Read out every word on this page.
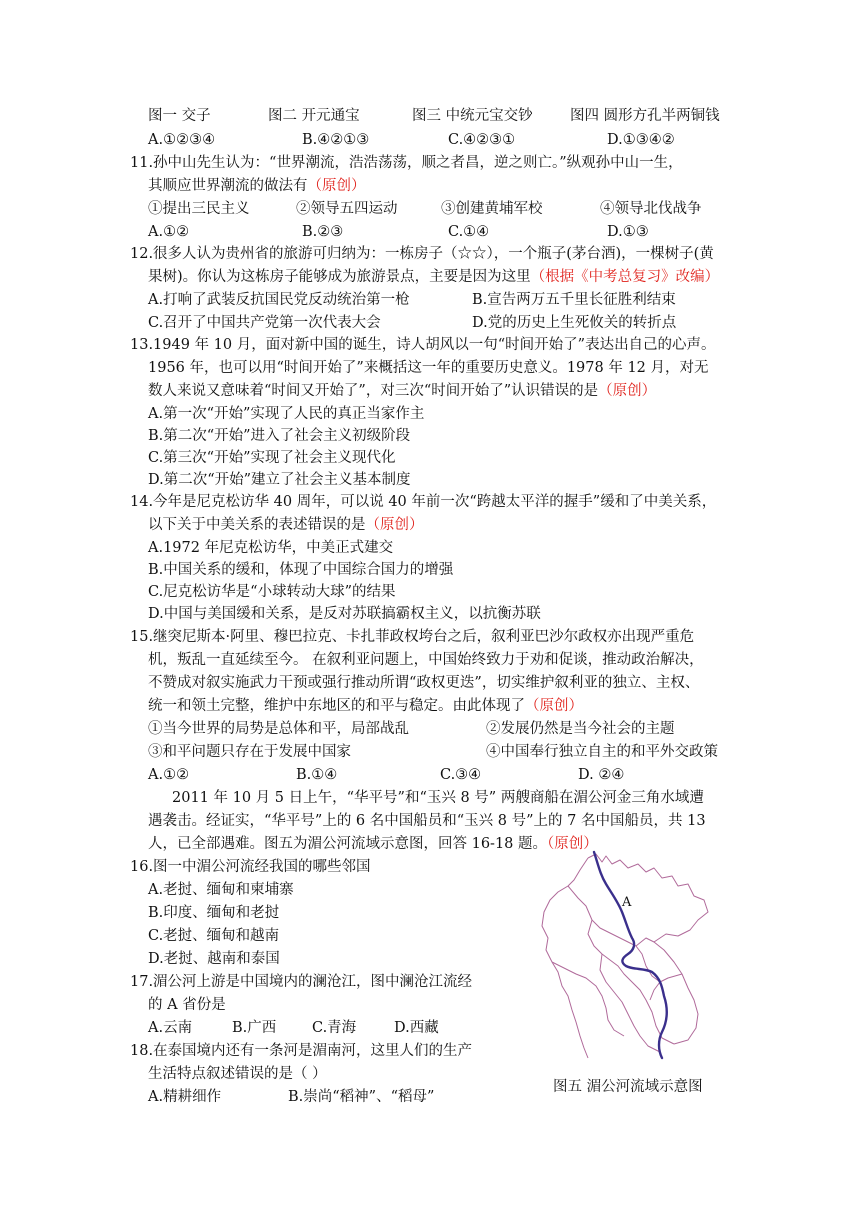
图一 交子	图二 开元通宝	图三 中统元宝交钞	图四 圆形方孔半两铜钱
A.①②③④	B.④②①③	C.④②③①	D.①③④②
11.孙中山先生认为：“世界潮流，浩浩荡荡，顺之者昌，逆之则亡。”纵观孙中山一生，
其顺应世界潮流的做法有（原创）
①提出三民主义	②领导五四运动	③创建黄埔军校	④领导北伐战争
A.①②	B.②③	C.①④	D.①③
12.很多人认为贵州省的旅游可归纳为：一栋房子（☆☆），一个瓶子(茅台酒)，一棵树子(黄
果树)。你认为这栋房子能够成为旅游景点，主要是因为这里（根据《中考总复习》改编）
A.打响了武装反抗国民党反动统治第一枪	B.宣告两万五千里长征胜利结束
C.召开了中国共产党第一次代表大会	D.党的历史上生死攸关的转折点
13.1949 年 10 月，面对新中国的诞生，诗人胡风以一句“时间开始了”表达出自己的心声。
1956 年，也可以用“时间开始了”来概括这一年的重要历史意义。1978 年 12 月，对无
数人来说又意味着“时间又开始了”，对三次“时间开始了”认识错误的是（原创）
A.第一次“开始”实现了人民的真正当家作主
B.第二次“开始”进入了社会主义初级阶段
C.第三次“开始”实现了社会主义现代化
D.第二次“开始”建立了社会主义基本制度
14.今年是尼克松访华 40 周年，可以说 40 年前一次“跨越太平洋的握手”缓和了中美关系，
以下关于中美关系的表述错误的是（原创）
A.1972 年尼克松访华，中美正式建交
B.中国关系的缓和，体现了中国综合国力的增强
C.尼克松访华是“小球转动大球”的结果
D.中国与美国缓和关系，是反对苏联搞霸权主义，以抗衡苏联
15.继突尼斯本·阿里、穆巴拉克、卡扎菲政权垮台之后，叙利亚巴沙尔政权亦出现严重危
机，叛乱一直延续至今。 在叙利亚问题上，中国始终致力于劝和促谈，推动政治解决，
不赞成对叙实施武力干预或强行推动所谓“政权更迭”，切实维护叙利亚的独立、主权、
统一和领土完整，维护中东地区的和平与稳定。由此体现了（原创）
①当今世界的局势是总体和平，局部战乱	②发展仍然是当今社会的主题
③和平问题只存在于发展中国家	④中国奉行独立自主的和平外交政策
A.①②	B.①④	C.③④	D. ②④
2011 年 10 月 5 日上午，“华平号”和“玉兴 8 号” 两艘商船在湄公河金三角水域遭
遇袭击。经证实，“华平号”上的 6 名中国船员和“玉兴 8 号”上的 7 名中国船员，共 13
人，已全部遇难。图五为湄公河流域示意图，回答 16-18 题。（原创）
16.图一中湄公河流经我国的哪些邻国
A.老挝、缅甸和柬埔寨
B.印度、缅甸和老挝
C.老挝、缅甸和越南
D.老挝、越南和泰国
17.湄公河上游是中国境内的澜沧江，图中澜沧江流经
的 A 省份是
A.云南	B.广西 C.青海	D.西藏
18.在泰国境内还有一条河是湄南河，这里人们的生产
生活特点叙述错误的是（ ）
A.精耕细作	B.崇尚“稻神”、“稻母”
A
图五 湄公河流域示意图
